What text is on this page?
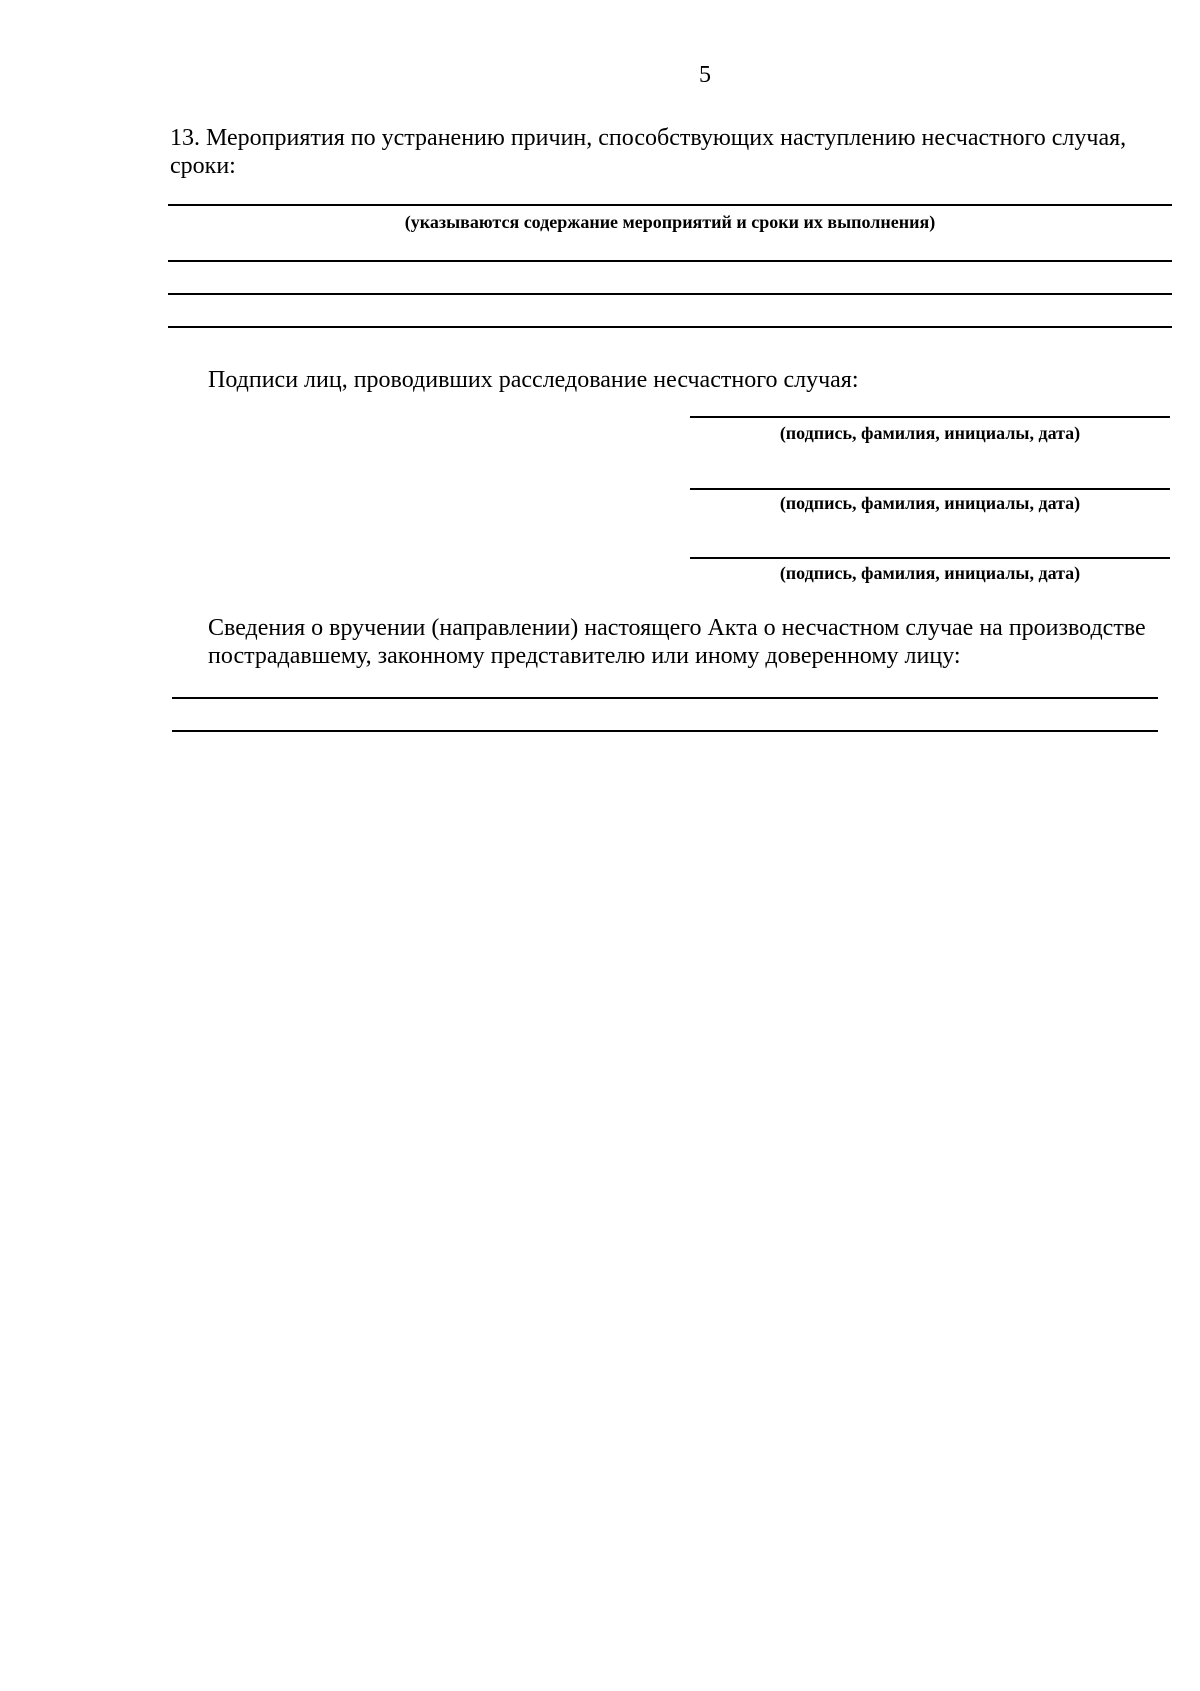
5
13. Мероприятия по устранению причин, способствующих наступлению несчастного случая, сроки:
(указываются содержание мероприятий и сроки их выполнения)
Подписи лиц, проводивших расследование несчастного случая:
(подпись, фамилия, инициалы, дата)
(подпись, фамилия, инициалы, дата)
(подпись, фамилия, инициалы, дата)
Сведения о вручении (направлении) настоящего Акта о несчастном случае на производстве пострадавшему, законному представителю или иному доверенному лицу:
